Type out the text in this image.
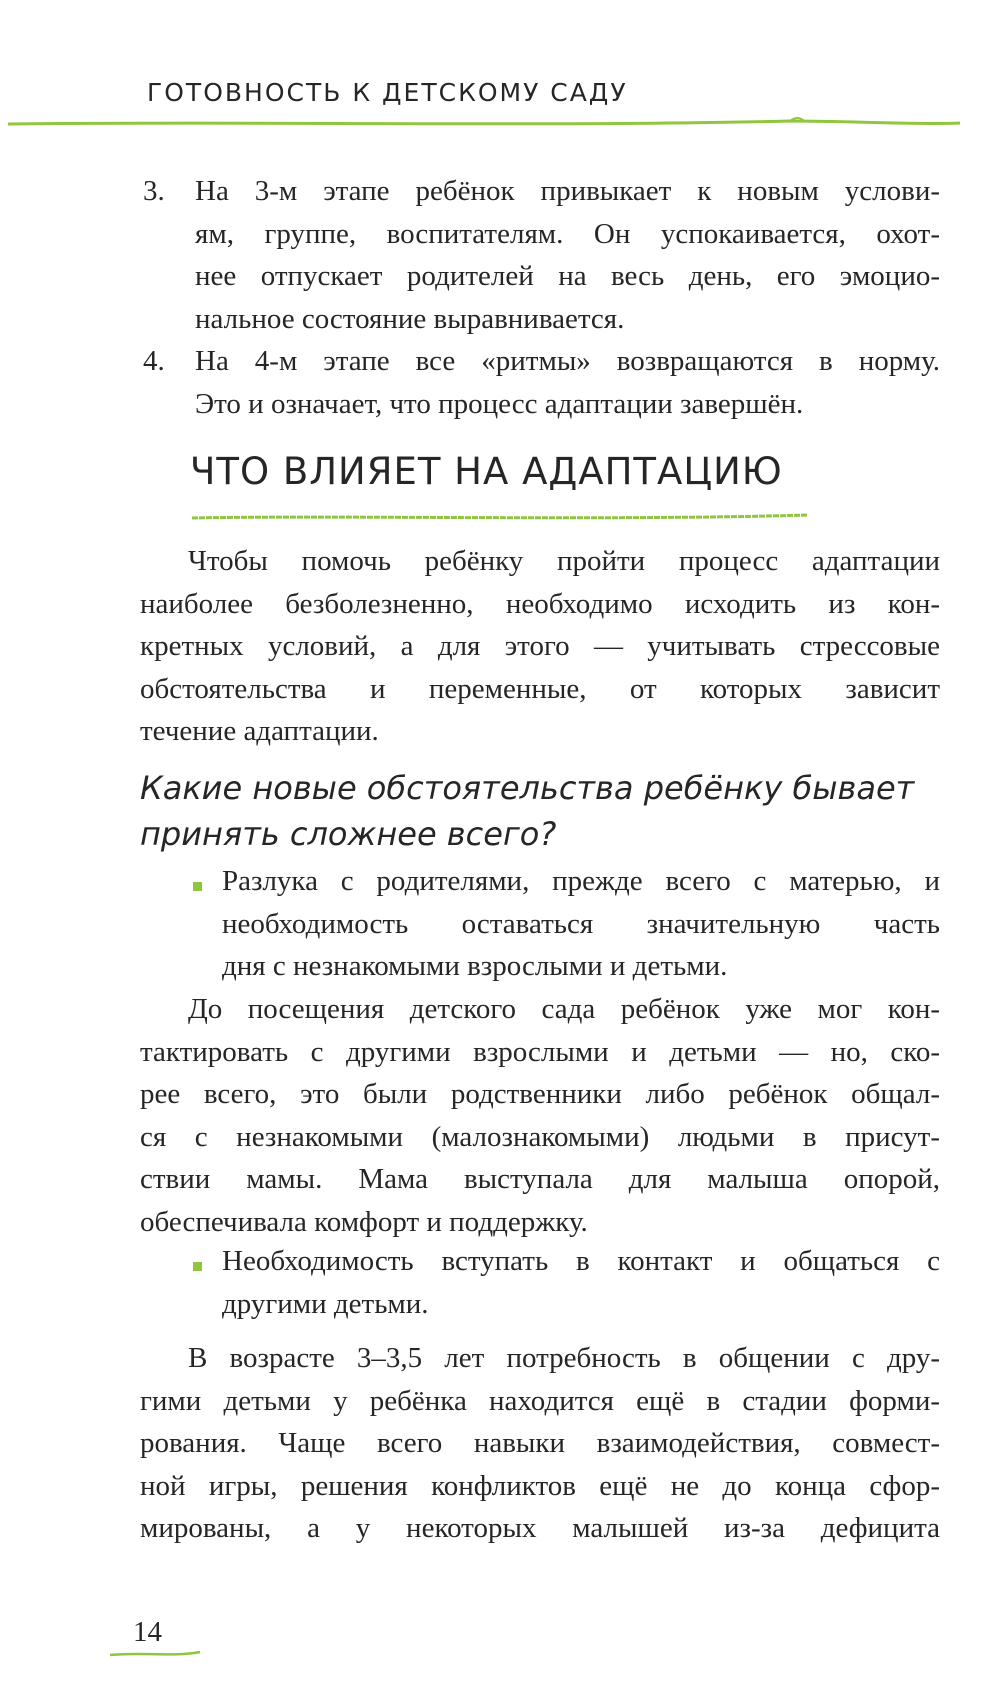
ГОТОВНОСТЬ К ДЕТСКОМУ САДУ
3. На 3-м этапе ребёнок привыкает к новым услови-
ям, группе, воспитателям. Он успокаивается, охот-
нее отпускает родителей на весь день, его эмоцио-
нальное состояние выравнивается.
4. На 4-м этапе все «ритмы» возвращаются в норму.
Это и означает, что процесс адаптации завершён.
ЧТО ВЛИЯЕТ НА АДАПТАЦИЮ
Чтобы помочь ребёнку пройти процесс адаптации
наиболее безболезненно, необходимо исходить из кон-
кретных условий, а для этого — учитывать стрессовые
обстоятельства и переменные, от которых зависит
течение адаптации.
Какие новые обстоятельства ребёнку бывает
принять сложнее всего?
Разлука с родителями, прежде всего с матерью, и
необходимость оставаться значительную часть
дня с незнакомыми взрослыми и детьми.
До посещения детского сада ребёнок уже мог кон-
тактировать с другими взрослыми и детьми — но, ско-
рее всего, это были родственники либо ребёнок общал-
ся с незнакомыми (малознакомыми) людьми в присут-
ствии мамы. Мама выступала для малыша опорой,
обеспечивала комфорт и поддержку.
Необходимость вступать в контакт и общаться с
другими детьми.
В возрасте 3–3,5 лет потребность в общении с дру-
гими детьми у ребёнка находится ещё в стадии форми-
рования. Чаще всего навыки взаимодействия, совмест-
ной игры, решения конфликтов ещё не до конца сфор-
мированы, а у некоторых малышей из-за дефицита
14
